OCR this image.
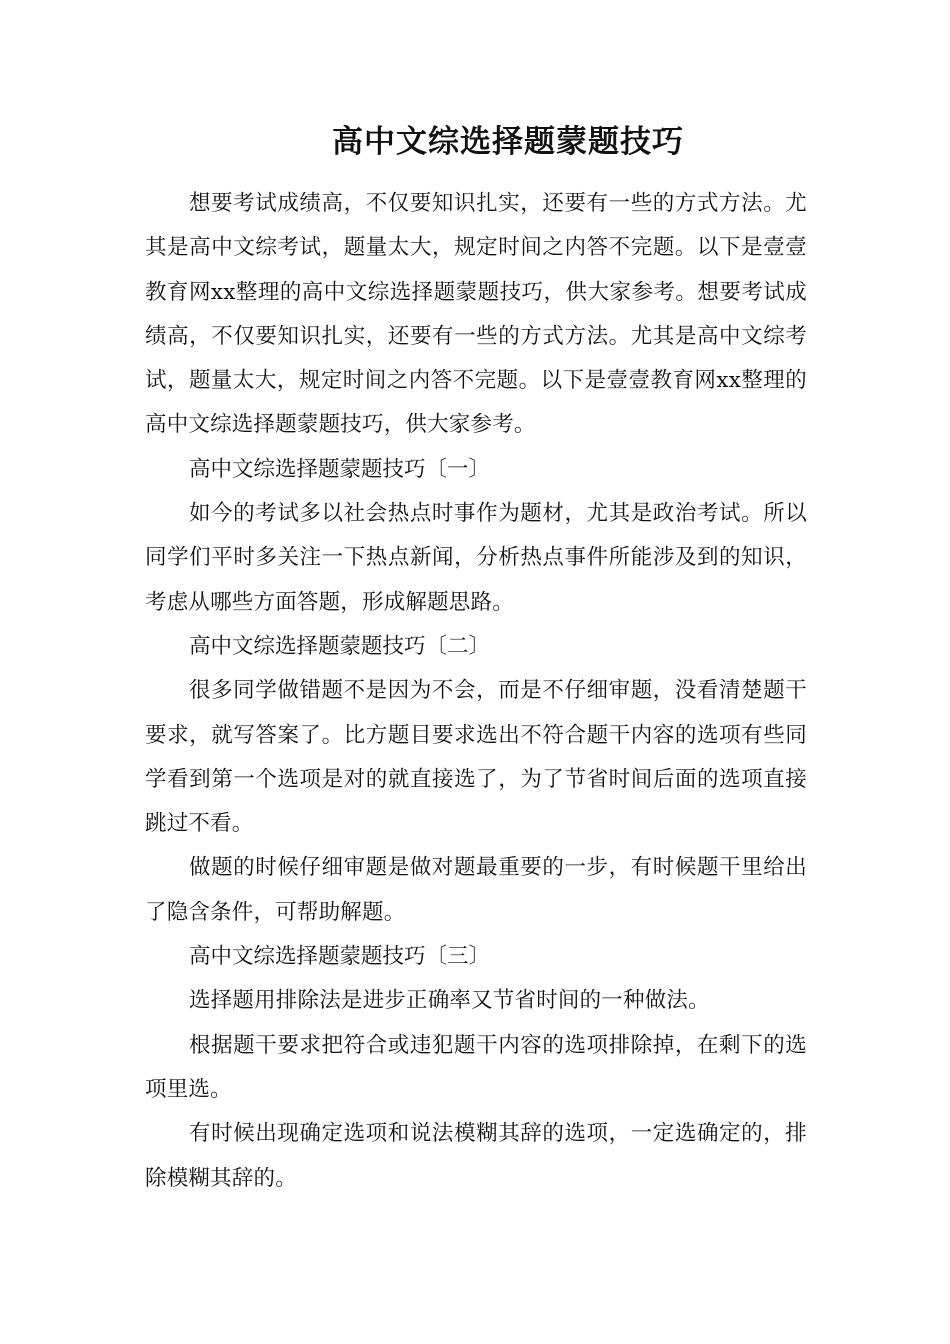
高中文综选择题蒙题技巧

想要考试成绩高，不仅要知识扎实，还要有一些的方式方法。尤其是高中文综考试，题量太大，规定时间之内答不完题。以下是壹壹教育网xx整理的高中文综选择题蒙题技巧，供大家参考。想要考试成绩高，不仅要知识扎实，还要有一些的方式方法。尤其是高中文综考试，题量太大，规定时间之内答不完题。以下是壹壹教育网xx整理的高中文综选择题蒙题技巧，供大家参考。

高中文综选择题蒙题技巧〔一〕

如今的考试多以社会热点时事作为题材，尤其是政治考试。所以同学们平时多关注一下热点新闻，分析热点事件所能涉及到的知识，考虑从哪些方面答题，形成解题思路。

高中文综选择题蒙题技巧〔二〕

很多同学做错题不是因为不会，而是不仔细审题，没看清楚题干要求，就写答案了。比方题目要求选出不符合题干内容的选项有些同学看到第一个选项是对的就直接选了，为了节省时间后面的选项直接跳过不看。

做题的时候仔细审题是做对题最重要的一步，有时候题干里给出了隐含条件，可帮助解题。

高中文综选择题蒙题技巧〔三〕

选择题用排除法是进步正确率又节省时间的一种做法。

根据题干要求把符合或违犯题干内容的选项排除掉，在剩下的选项里选。

有时候出现确定选项和说法模糊其辞的选项，一定选确定的，排除模糊其辞的。
